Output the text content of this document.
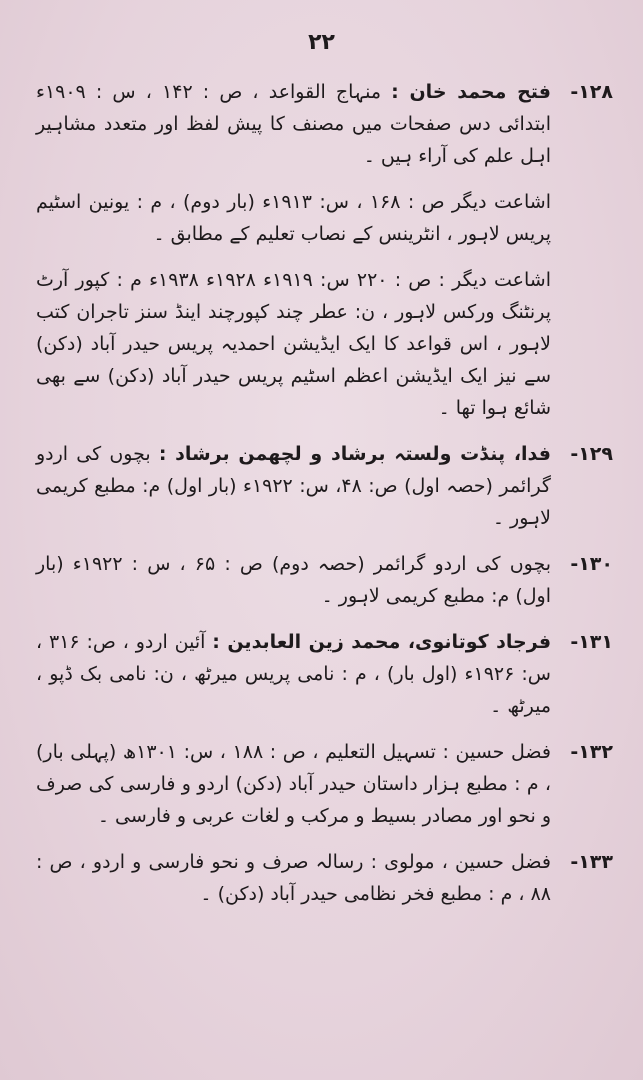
۲۲
۱۲۸-
فتح محمد خان : منہاج القواعد ، ص : ۱۴۲ ، س : ۱۹۰۹ء ابتدائی دس صفحات میں مصنف کا پیش لفظ اور متعدد مشاہیر اہل علم کی آراء ہیں ۔
اشاعت دیگر ص : ۱۶۸ ، س: ۱۹۱۳ء (بار دوم) ، م : یونین اسٹیم پریس لاہور ، انٹرینس کے نصاب تعلیم کے مطابق ۔
اشاعت دیگر : ص : ۲۲۰ س: ۱۹۱۹ء ۱۹۲۸ء ۱۹۳۸ء م : کپور آرٹ پرنٹنگ ورکس لاہور ، ن: عطر چند کپورچند اینڈ سنز تاجران کتب لاہور ، اس قواعد کا ایک ایڈیشن احمدیہ پریس حیدر آباد (دکن) سے نیز ایک ایڈیشن اعظم اسٹیم پریس حیدر آباد (دکن) سے بھی شائع ہوا تھا ۔
۱۲۹-
فدا، پنڈت ولستہ برشاد و لچھمن برشاد : بچوں کی اردو گرائمر (حصہ اول) ص: ۴۸، س: ۱۹۲۲ء (بار اول) م: مطبع کریمی لاہور ۔
۱۳۰-
بچوں کی اردو گرائمر (حصہ دوم) ص : ۶۵ ، س : ۱۹۲۲ء (بار اول) م: مطبع کریمی لاہور ۔
۱۳۱-
فرجاد کوتانوی، محمد زین العابدین : آئین اردو ، ص: ۳۱۶ ، س: ۱۹۲۶ء (اول بار) ، م : نامی پریس میرٹھ ، ن: نامی بک ڈپو ، میرٹھ ۔
۱۳۲-
فضل حسین : تسہیل التعلیم ، ص : ۱۸۸ ، س: ۱۳۰۱ھ (پہلی بار) ، م : مطبع ہزار داستان حیدر آباد (دکن) اردو و فارسی کی صرف و نحو اور مصادر بسیط و مرکب و لغات عربی و فارسی ۔
۱۳۳-
فضل حسین ، مولوی : رسالہ صرف و نحو فارسی و اردو ، ص : ۸۸ ، م : مطبع فخر نظامی حیدر آباد (دکن) ۔
